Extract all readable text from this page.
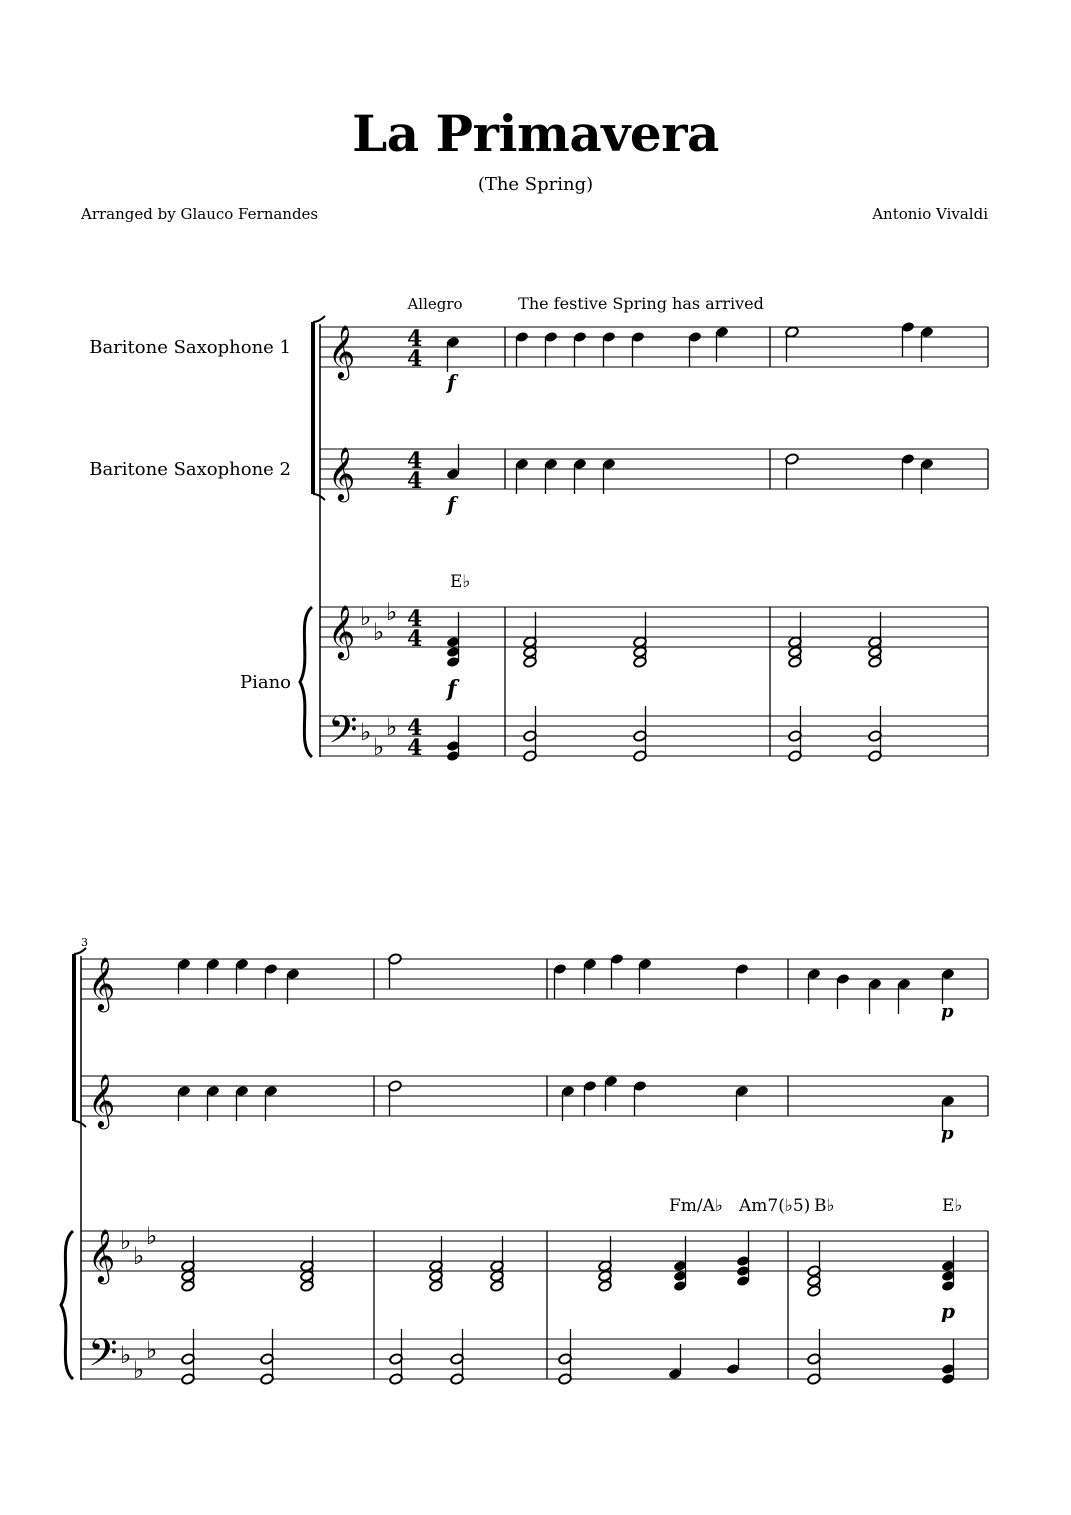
La Primavera
(The Spring)
Arranged by Glauco Fernandes	Antonio Vivaldi
Allegro	The festive Spring has arrived
Baritone Saxophone 1
Baritone Saxophone 2
Piano
𝄞
𝄞
𝄞
𝄢
♭
♭
♭
♭
♭
♭
4
4
4
4
4
4
4
4
f
f
f
E♭
3
𝄞
𝄞
𝄞
𝄢
♭
♭
♭
♭
♭
♭
p
p
p
Fm/A♭ Am7(♭5) B♭	E♭
